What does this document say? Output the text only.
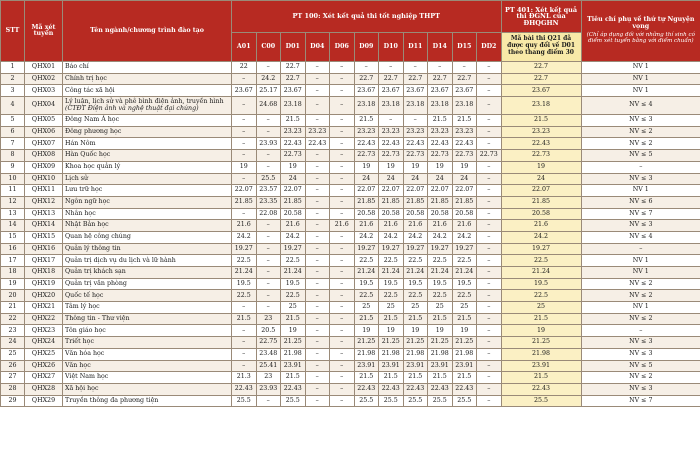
STT	Mã xét tuyển	Tên ngành/chương trình đào tạo	PT 100: Xét kết quả thi tốt nghiệp THPT											PT 401: Xét kết quả thi ĐGNL của ĐHQGHN	Tiêu chí phụ về thứ tự Nguyện vọng
(Chỉ áp dụng đối với những thí sinh có điểm xét tuyển bằng với điểm chuẩn)

			A01	C00	D01	D04	D06	D09	D10	D11	D14	D15	DD2	Mã bài thi Q21 đã được quy đổi về D01 theo thang điểm 30	
1	QHX01	Báo chí	22	–	22.7	–	–	–	–	–	–	–	–	22.7	NV 1
2	QHX02	Chính trị học	–	24.2	22.7	–	–	22.7	22.7	22.7	22.7	22.7	–	22.7	NV 1
3	QHX03	Công tác xã hội	23.67	25.17	23.67	–	–	23.67	23.67	23.67	23.67	23.67	–	23.67	NV 1
4	QHX04	Lý luận, lịch sử và phê bình điện ảnh, truyền hình
(CTĐT Điện ảnh và nghệ thuật đại chúng)	–	24.68	23.18	–	–	23.18	23.18	23.18	23.18	23.18	–	23.18	NV ≤ 4
5	QHX05	Đông Nam Á học	–	–	21.5	–	–	21.5	–	–	21.5	21.5	–	21.5	NV ≤ 3
6	QHX06	Đông phương học	–	–	23.23	23.23	–	23.23	23.23	23.23	23.23	23.23	–	23.23	NV ≤ 2
7	QHX07	Hán Nôm	–	23.93	22.43	22.43	–	22.43	22.43	22.43	22.43	22.43	–	22.43	NV ≤ 2
8	QHX08	Hàn Quốc học	–	–	22.73	–	–	22.73	22.73	22.73	22.73	22.73	22.73	22.73	NV ≤ 5
9	QHX09	Khoa học quản lý	19	–	19	–	–	19	19	19	19	19	–	19	–
10	QHX10	Lịch sử	–	25.5	24	–	–	24	24	24	24	24	–	24	NV ≤ 3
11	QHX11	Lưu trữ học	22.07	23.57	22.07	–	–	22.07	22.07	22.07	22.07	22.07	–	22.07	NV 1
12	QHX12	Ngôn ngữ học	21.85	23.35	21.85	–	–	21.85	21.85	21.85	21.85	21.85	–	21.85	NV ≤ 6
13	QHX13	Nhân học	–	22.08	20.58	–	–	20.58	20.58	20.58	20.58	20.58	–	20.58	NV ≤ 7
14	QHX14	Nhật Bản học	21.6	–	21.6	–	21.6	21.6	21.6	21.6	21.6	21.6	–	21.6	NV ≤ 3
15	QHX15	Quan hệ công chúng	24.2	–	24.2	–	–	24.2	24.2	24.2	24.2	24.2	–	24.2	NV ≤ 4
16	QHX16	Quản lý thông tin	19.27	–	19.27	–	–	19.27	19.27	19.27	19.27	19.27	–	19.27	–
17	QHX17	Quản trị dịch vụ du lịch và lữ hành	22.5	–	22.5	–	–	22.5	22.5	22.5	22.5	22.5	–	22.5	NV 1
18	QHX18	Quản trị khách sạn	21.24	–	21.24	–	–	21.24	21.24	21.24	21.24	21.24	–	21.24	NV 1
19	QHX19	Quản trị văn phòng	19.5	–	19.5	–	–	19.5	19.5	19.5	19.5	19.5	–	19.5	NV ≤ 2
20	QHX20	Quốc tế học	22.5	–	22.5	–	–	22.5	22.5	22.5	22.5	22.5	–	22.5	NV ≤ 2
21	QHX21	Tâm lý học	–	–	25	–	–	25	25	25	25	25	–	25	NV 1
22	QHX22	Thông tin - Thư viện	21.5	23	21.5	–	–	21.5	21.5	21.5	21.5	21.5	–	21.5	NV ≤ 2
23	QHX23	Tôn giáo học	–	20.5	19	–	–	19	19	19	19	19	–	19	–
24	QHX24	Triết học	–	22.75	21.25	–	–	21.25	21.25	21.25	21.25	21.25	–	21.25	NV ≤ 3
25	QHX25	Văn hóa học	–	23.48	21.98	–	–	21.98	21.98	21.98	21.98	21.98	–	21.98	NV ≤ 3
26	QHX26	Văn học	–	25.41	23.91	–	–	23.91	23.91	23.91	23.91	23.91	–	23.91	NV ≤ 5
27	QHX27	Việt Nam học	21.3	23	21.5	–	–	21.5	21.5	21.5	21.5	21.5	–	21.5	NV ≤ 2
28	QHX28	Xã hội học	22.43	23.93	22.43	–	–	22.43	22.43	22.43	22.43	22.43	–	22.43	NV ≤ 3
29	QHX29	Truyền thông đa phương tiện	25.5	–	25.5	–	–	25.5	25.5	25.5	25.5	25.5	–	25.5	NV ≤ 7
